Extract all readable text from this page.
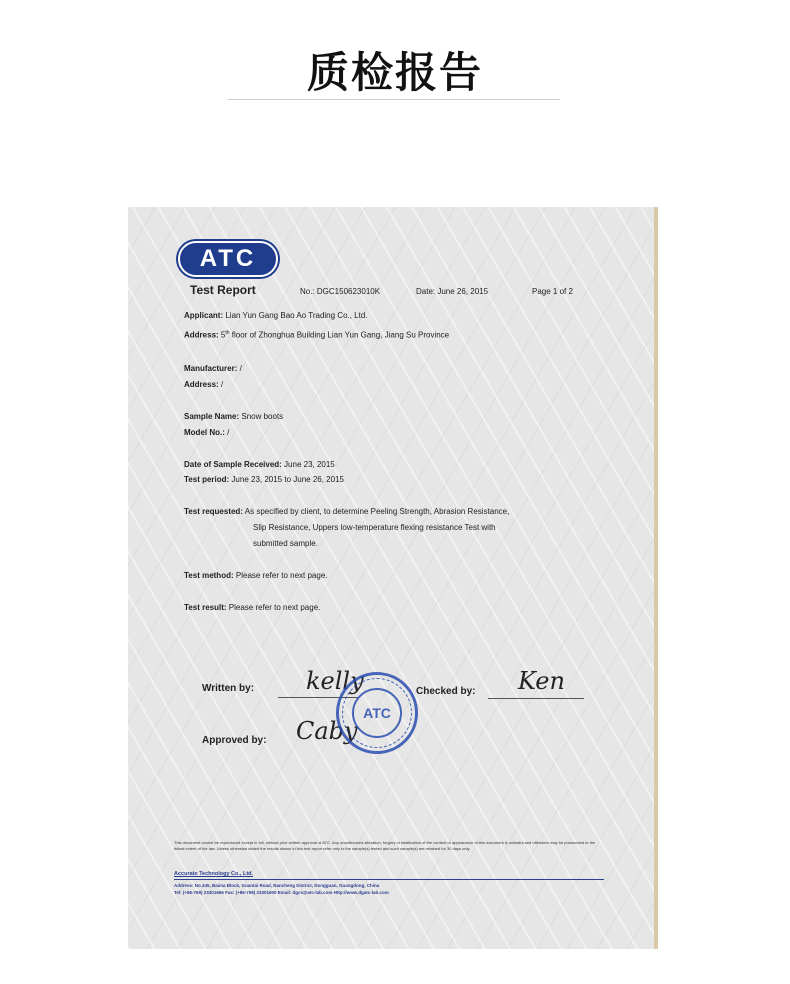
质检报告
ATC
Test Report	No.: DGC150623010K	Date: June 26, 2015	Page 1 of 2
Applicant: Lian Yun Gang Bao Ao Trading Co., Ltd.
Address: 5th floor of Zhonghua Building Lian Yun Gang, Jiang Su Province
Manufacturer: /
Address: /
Sample Name: Snow boots
Model No.: /
Date of Sample Received: June 23, 2015
Test period: June 23, 2015 to June 26, 2015
Test requested: As specified by client, to determine Peeling Strength, Abrasion Resistance,
Slip Resistance, Uppers low-temperature flexing resistance Test with
submitted sample.
Test method: Please refer to next page.
Test result: Please refer to next page.
Written by: kelly	Checked by: Ken
Approved by: Caby
ATC
This document cannot be reproduced except in full, without prior written approval of ATC. Any unauthorized alteration, forgery or falsification of the content or appearance of this document is unlawful and offenders may be prosecuted to the fullest extent of the law. Unless otherwise stated the results shown in this test report refer only to the sample(s) tested and such sample(s) are retained for 30 days only.
Accurate Technology Co., Ltd.
Address: No.345, Baima Block, Guantai Road, Nancheng District, Dongguan, Guangdong, China
Tel: (+86-769) 23301666 Fax: (+86-769) 23301600 Email: dgcs@atc-lab.com Http://www.dgatc-lab.com
